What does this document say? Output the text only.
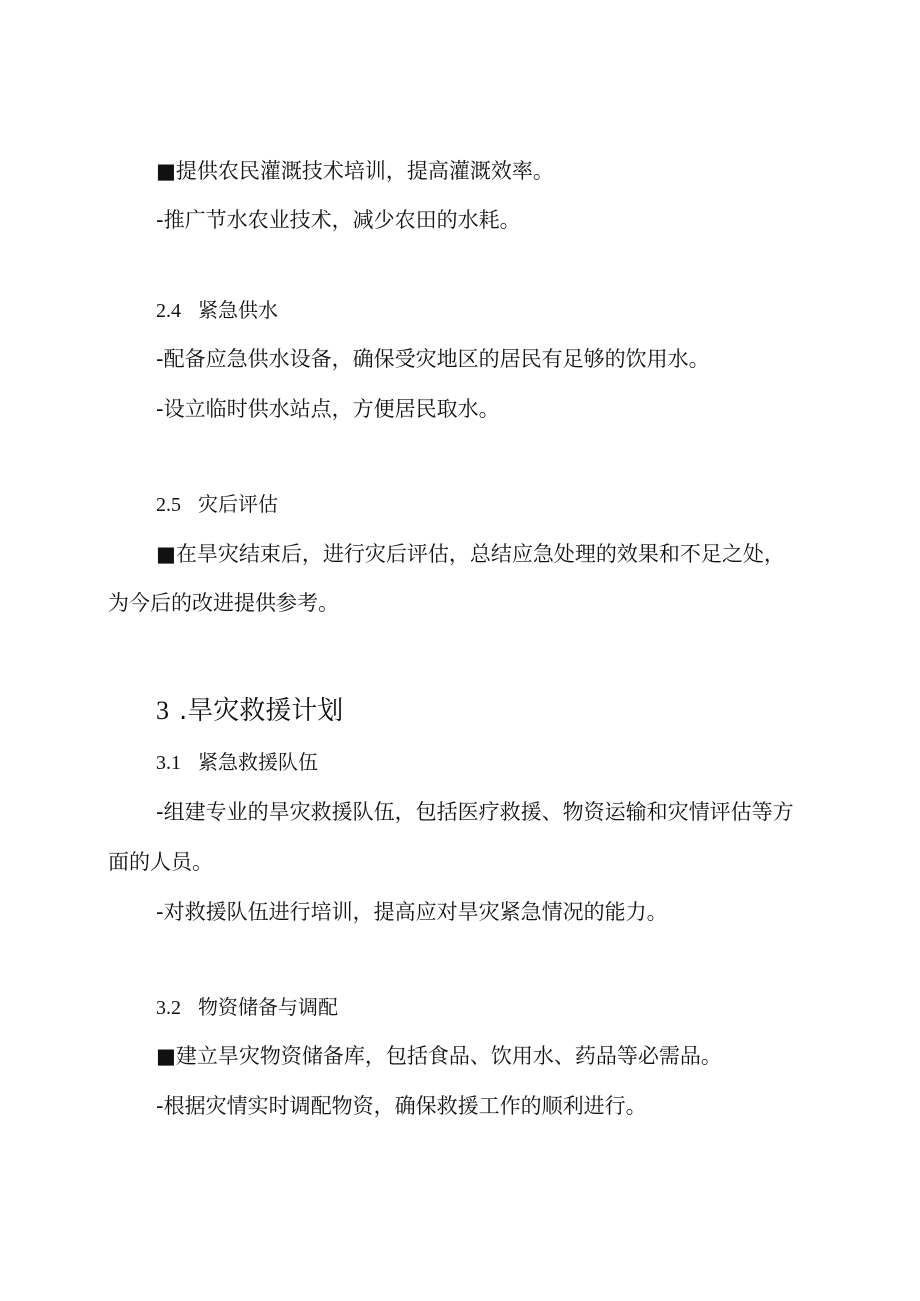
■提供农民灌溉技术培训，提高灌溉效率。
-推广节水农业技术，减少农田的水耗。
2.4 紧急供水
-配备应急供水设备，确保受灾地区的居民有足够的饮用水。
-设立临时供水站点，方便居民取水。
2.5 灾后评估
■在旱灾结束后，进行灾后评估，总结应急处理的效果和不足之处，
为今后的改进提供参考。
3 .旱灾救援计划
3.1 紧急救援队伍
-组建专业的旱灾救援队伍，包括医疗救援、物资运输和灾情评估等方
面的人员。
-对救援队伍进行培训，提高应对旱灾紧急情况的能力。
3.2 物资储备与调配
■建立旱灾物资储备库，包括食品、饮用水、药品等必需品。
-根据灾情实时调配物资，确保救援工作的顺利进行。
